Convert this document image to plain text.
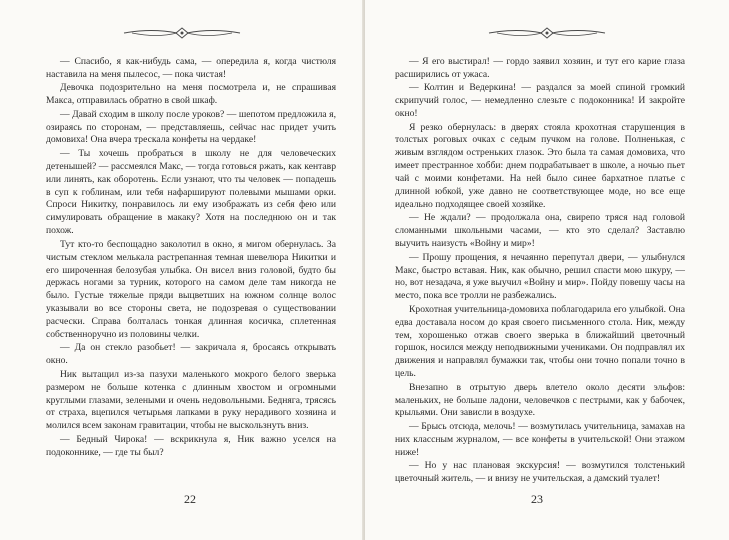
— Спасибо, я как-нибудь сама, — опередила я, когда чистюля наставила на меня пылесос, — пока чистая!

Девочка подозрительно на меня посмотрела и, не спрашивая Макса, отправилась обратно в свой шкаф.

— Давай сходим в школу после уроков? — шепотом предложила я, озираясь по сторонам, — представляешь, сейчас нас придет учить домовиха! Она вчера трескала конфеты на чердаке!

— Ты хочешь пробраться в школу не для человеческих детенышей? — рассмеялся Макс, — тогда готовься ржать, как кентавр или линять, как оборотень. Если узнают, что ты человек — попадешь в суп к гоблинам, или тебя нафаршируют полевыми мышами орки. Спроси Никитку, понравилось ли ему изображать из себя фею или симулировать обращение в макаку? Хотя на последнюю он и так похож.

Тут кто-то беспощадно заколотил в окно, я мигом обернулась. За чистым стеклом мелькала растрепанная темная шевелюра Никитки и его широченная белозубая улыбка. Он висел вниз головой, будто бы держась ногами за турник, которого на самом деле там никогда не было. Густые тяжелые пряди выцветших на южном солнце волос указывали во все стороны света, не подозревая о существовании расчески. Справа болталась тонкая длинная косичка, сплетенная собственноручно из половины челки.

— Да он стекло разобьет! — закричала я, бросаясь открывать окно.

Ник вытащил из-за пазухи маленького мокрого белого зверька размером не больше котенка с длинным хвостом и огромными круглыми глазами, зелеными и очень недовольными. Бедняга, трясясь от страха, вцепился четырьмя лапками в руку нерадивого хозяина и молился всем законам гравитации, чтобы не выскользнуть вниз.

— Бедный Чирока! — вскрикнула я, Ник важно уселся на подоконнике, — где ты был?

22

— Я его выстирал! — гордо заявил хозяин, и тут его карие глаза расширились от ужаса.

— Колтин и Ведеркина! — раздался за моей спиной громкий скрипучий голос, — немедленно слезьте с подоконника! И закройте окно!

Я резко обернулась: в дверях стояла крохотная старушенция в толстых роговых очках с седым пучком на голове. Полненькая, с живым взглядом остреньких глазок. Это была та самая домовиха, что имеет престранное хобби: днем подрабатывает в школе, а ночью пьет чай с моими конфетами. На ней было синее бархатное платье с длинной юбкой, уже давно не соответствующее моде, но все еще идеально подходящее своей хозяйке.

— Не ждали? — продолжала она, свирепо тряся над головой сломанными школьными часами, — кто это сделал? Заставлю выучить наизусть «Войну и мир»!

— Прошу прощения, я нечаянно перепутал двери, — улыбнулся Макс, быстро вставая. Ник, как обычно, решил спасти мою шкуру, — но, вот незадача, я уже выучил «Войну и мир». Пойду повешу часы на место, пока все тролли не разбежались.

Крохотная учительница-домовиха поблагодарила его улыбкой. Она едва доставала носом до края своего письменного стола. Ник, между тем, хорошенько отжав своего зверька в ближайший цветочный горшок, носился между неподвижными учениками. Он подправлял их движения и направлял бумажки так, чтобы они точно попали точно в цель.

Внезапно в отрытую дверь влетело около десяти эльфов: маленьких, не больше ладони, человечков с пестрыми, как у бабочек, крыльями. Они зависли в воздухе.

— Брысь отсюда, мелочь! — возмутилась учительница, замахав на них классным журналом, — все конфеты в учительской! Они этажом ниже!

— Но у нас плановая экскурсия! — возмутился толстенький цветочный житель, — и внизу не учительская, а дамский туалет!

23
